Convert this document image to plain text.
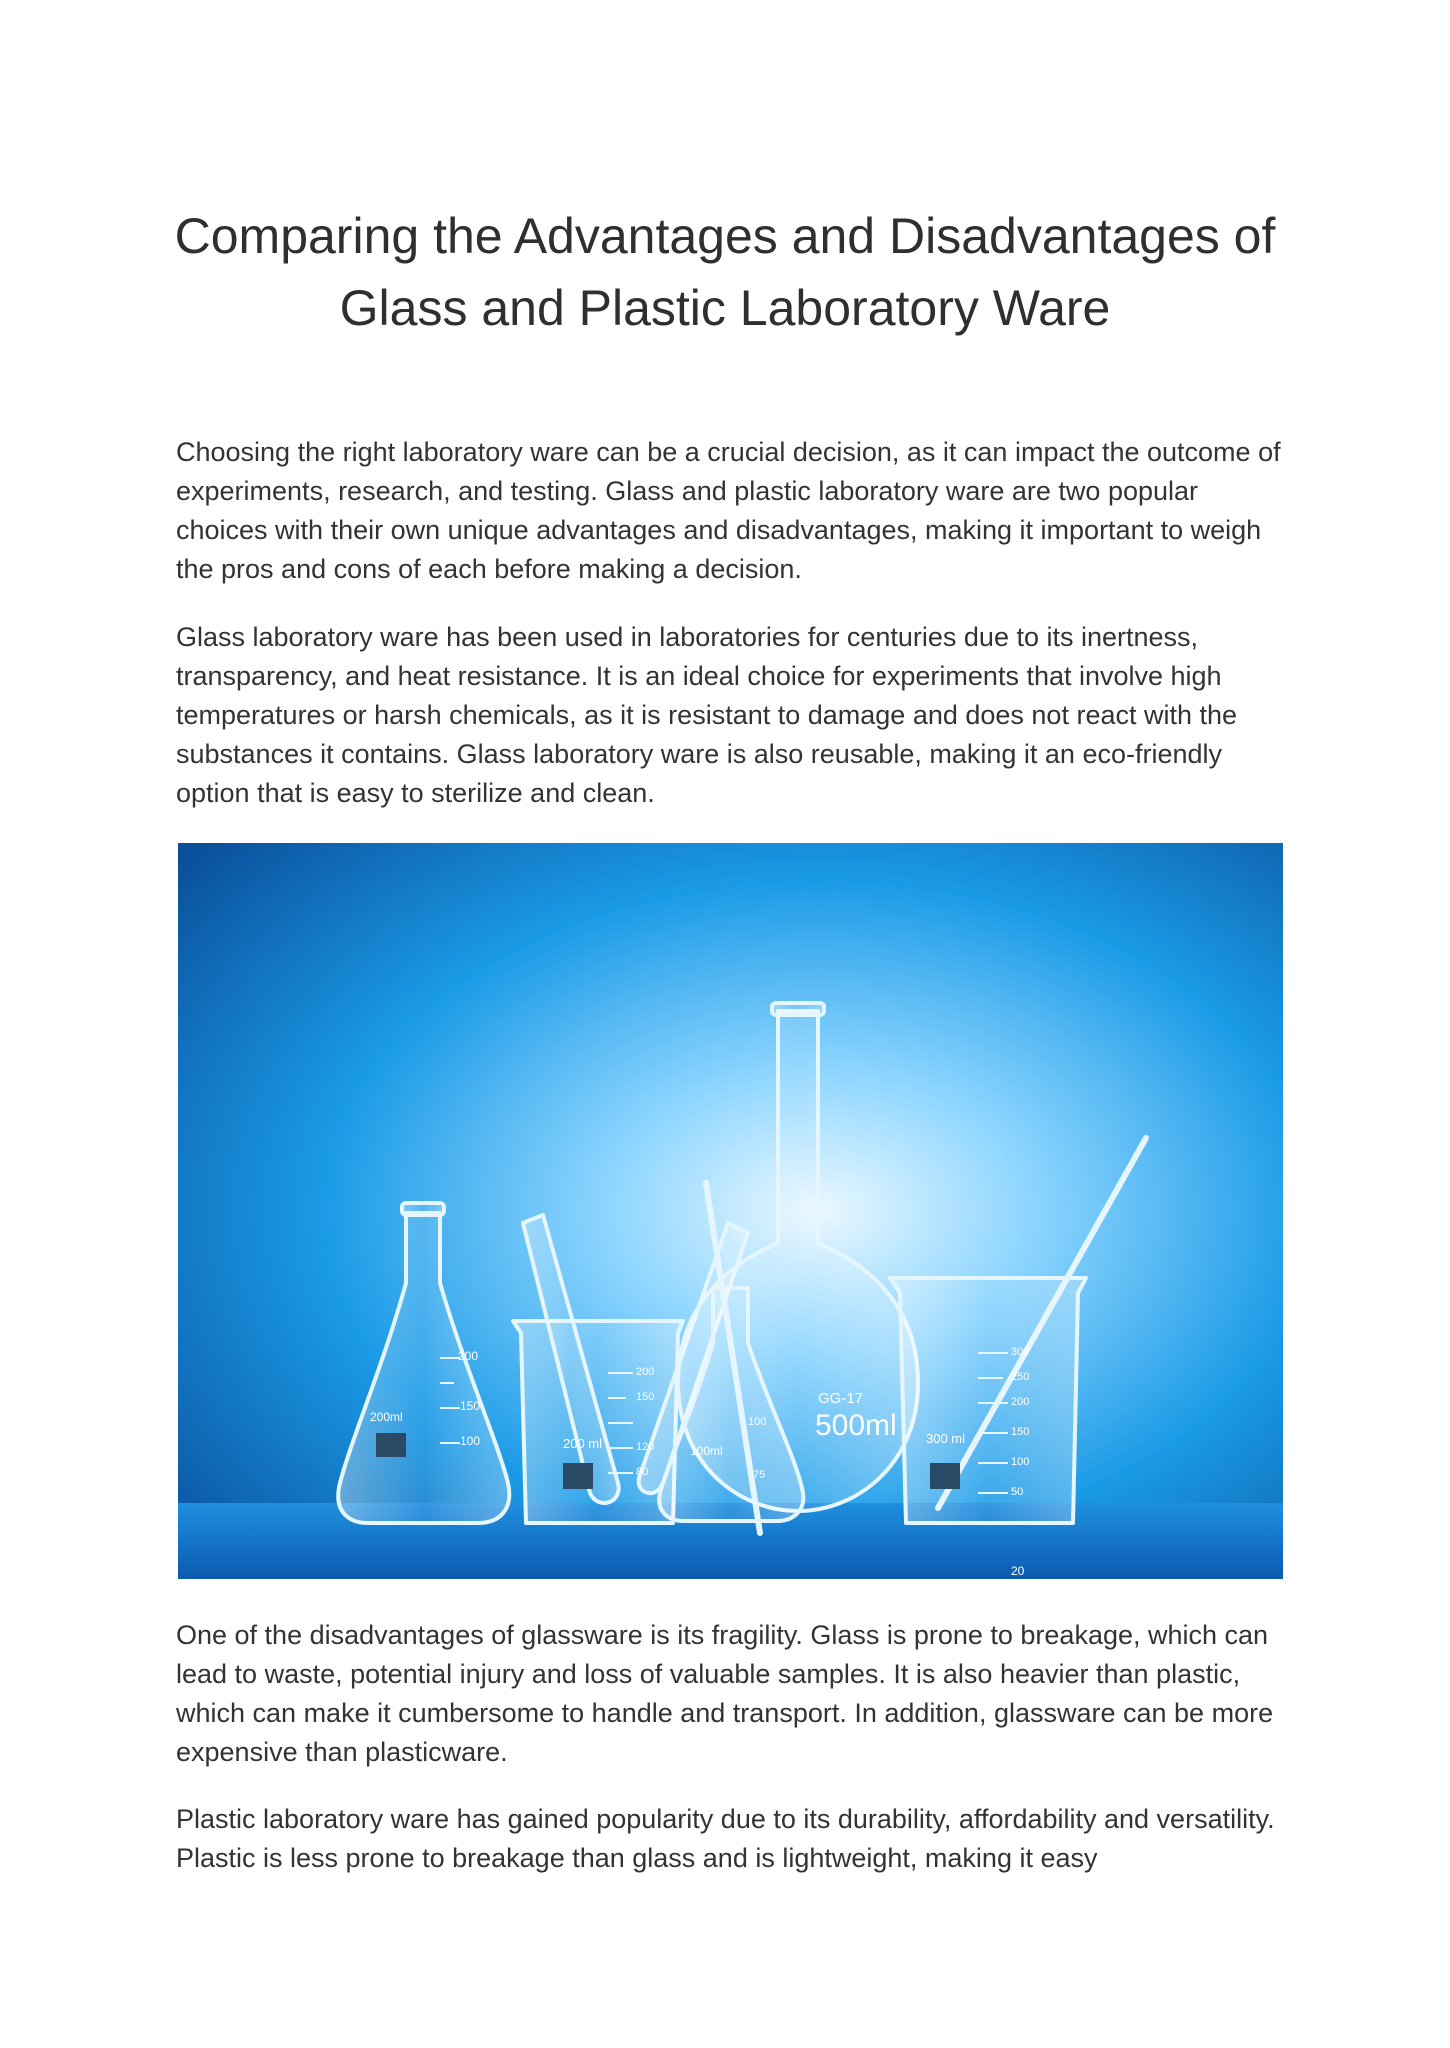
Comparing the Advantages and Disadvantages of Glass and Plastic Laboratory Ware

Choosing the right laboratory ware can be a crucial decision, as it can impact the outcome of experiments, research, and testing. Glass and plastic laboratory ware are two popular choices with their own unique advantages and disadvantages, making it important to weigh the pros and cons of each before making a decision.

Glass laboratory ware has been used in laboratories for centuries due to its inertness, transparency, and heat resistance. It is an ideal choice for experiments that involve high temperatures or harsh chemicals, as it is resistant to damage and does not react with the substances it contains. Glass laboratory ware is also reusable, making it an eco-friendly option that is easy to sterilize and clean.

200
150
100
200ml
200
150
120
80
200 ml
100
75
100ml
GG-17
500ml
300
250
200
150
100
50
300 ml
20

One of the disadvantages of glassware is its fragility. Glass is prone to breakage, which can lead to waste, potential injury and loss of valuable samples. It is also heavier than plastic, which can make it cumbersome to handle and transport. In addition, glassware can be more expensive than plasticware.

Plastic laboratory ware has gained popularity due to its durability, affordability and versatility. Plastic is less prone to breakage than glass and is lightweight, making it easy
